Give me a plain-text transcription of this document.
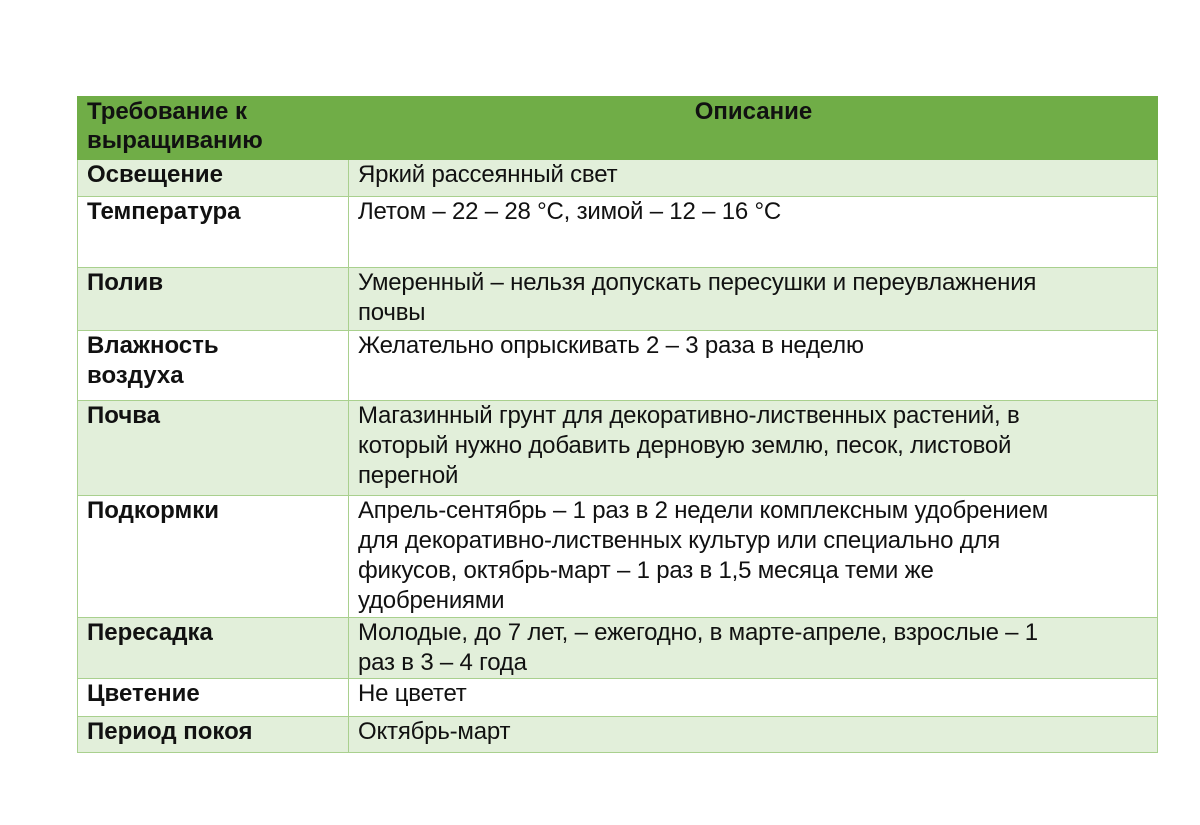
Требование к
выращиванию	Описание

Освещение	Яркий рассеянный свет

Температура	Летом – 22 – 28 °C, зимой – 12 – 16 °C

Полив	Умеренный – нельзя допускать пересушки и переувлажнения
почвы

Влажность
воздуха	Желательно опрыскивать 2 – 3 раза в неделю

Почва	Магазинный грунт для декоративно-лиственных растений, в
который нужно добавить дерновую землю, песок, листовой
перегной

Подкормки	Апрель-сентябрь – 1 раз в 2 недели комплексным удобрением
для декоративно-лиственных культур или специально для
фикусов, октябрь-март – 1 раз в 1,5 месяца теми же
удобрениями

Пересадка	Молодые, до 7 лет, – ежегодно, в марте-апреле, взрослые – 1
раз в 3 – 4 года

Цветение	Не цветет

Период покоя	Октябрь-март
